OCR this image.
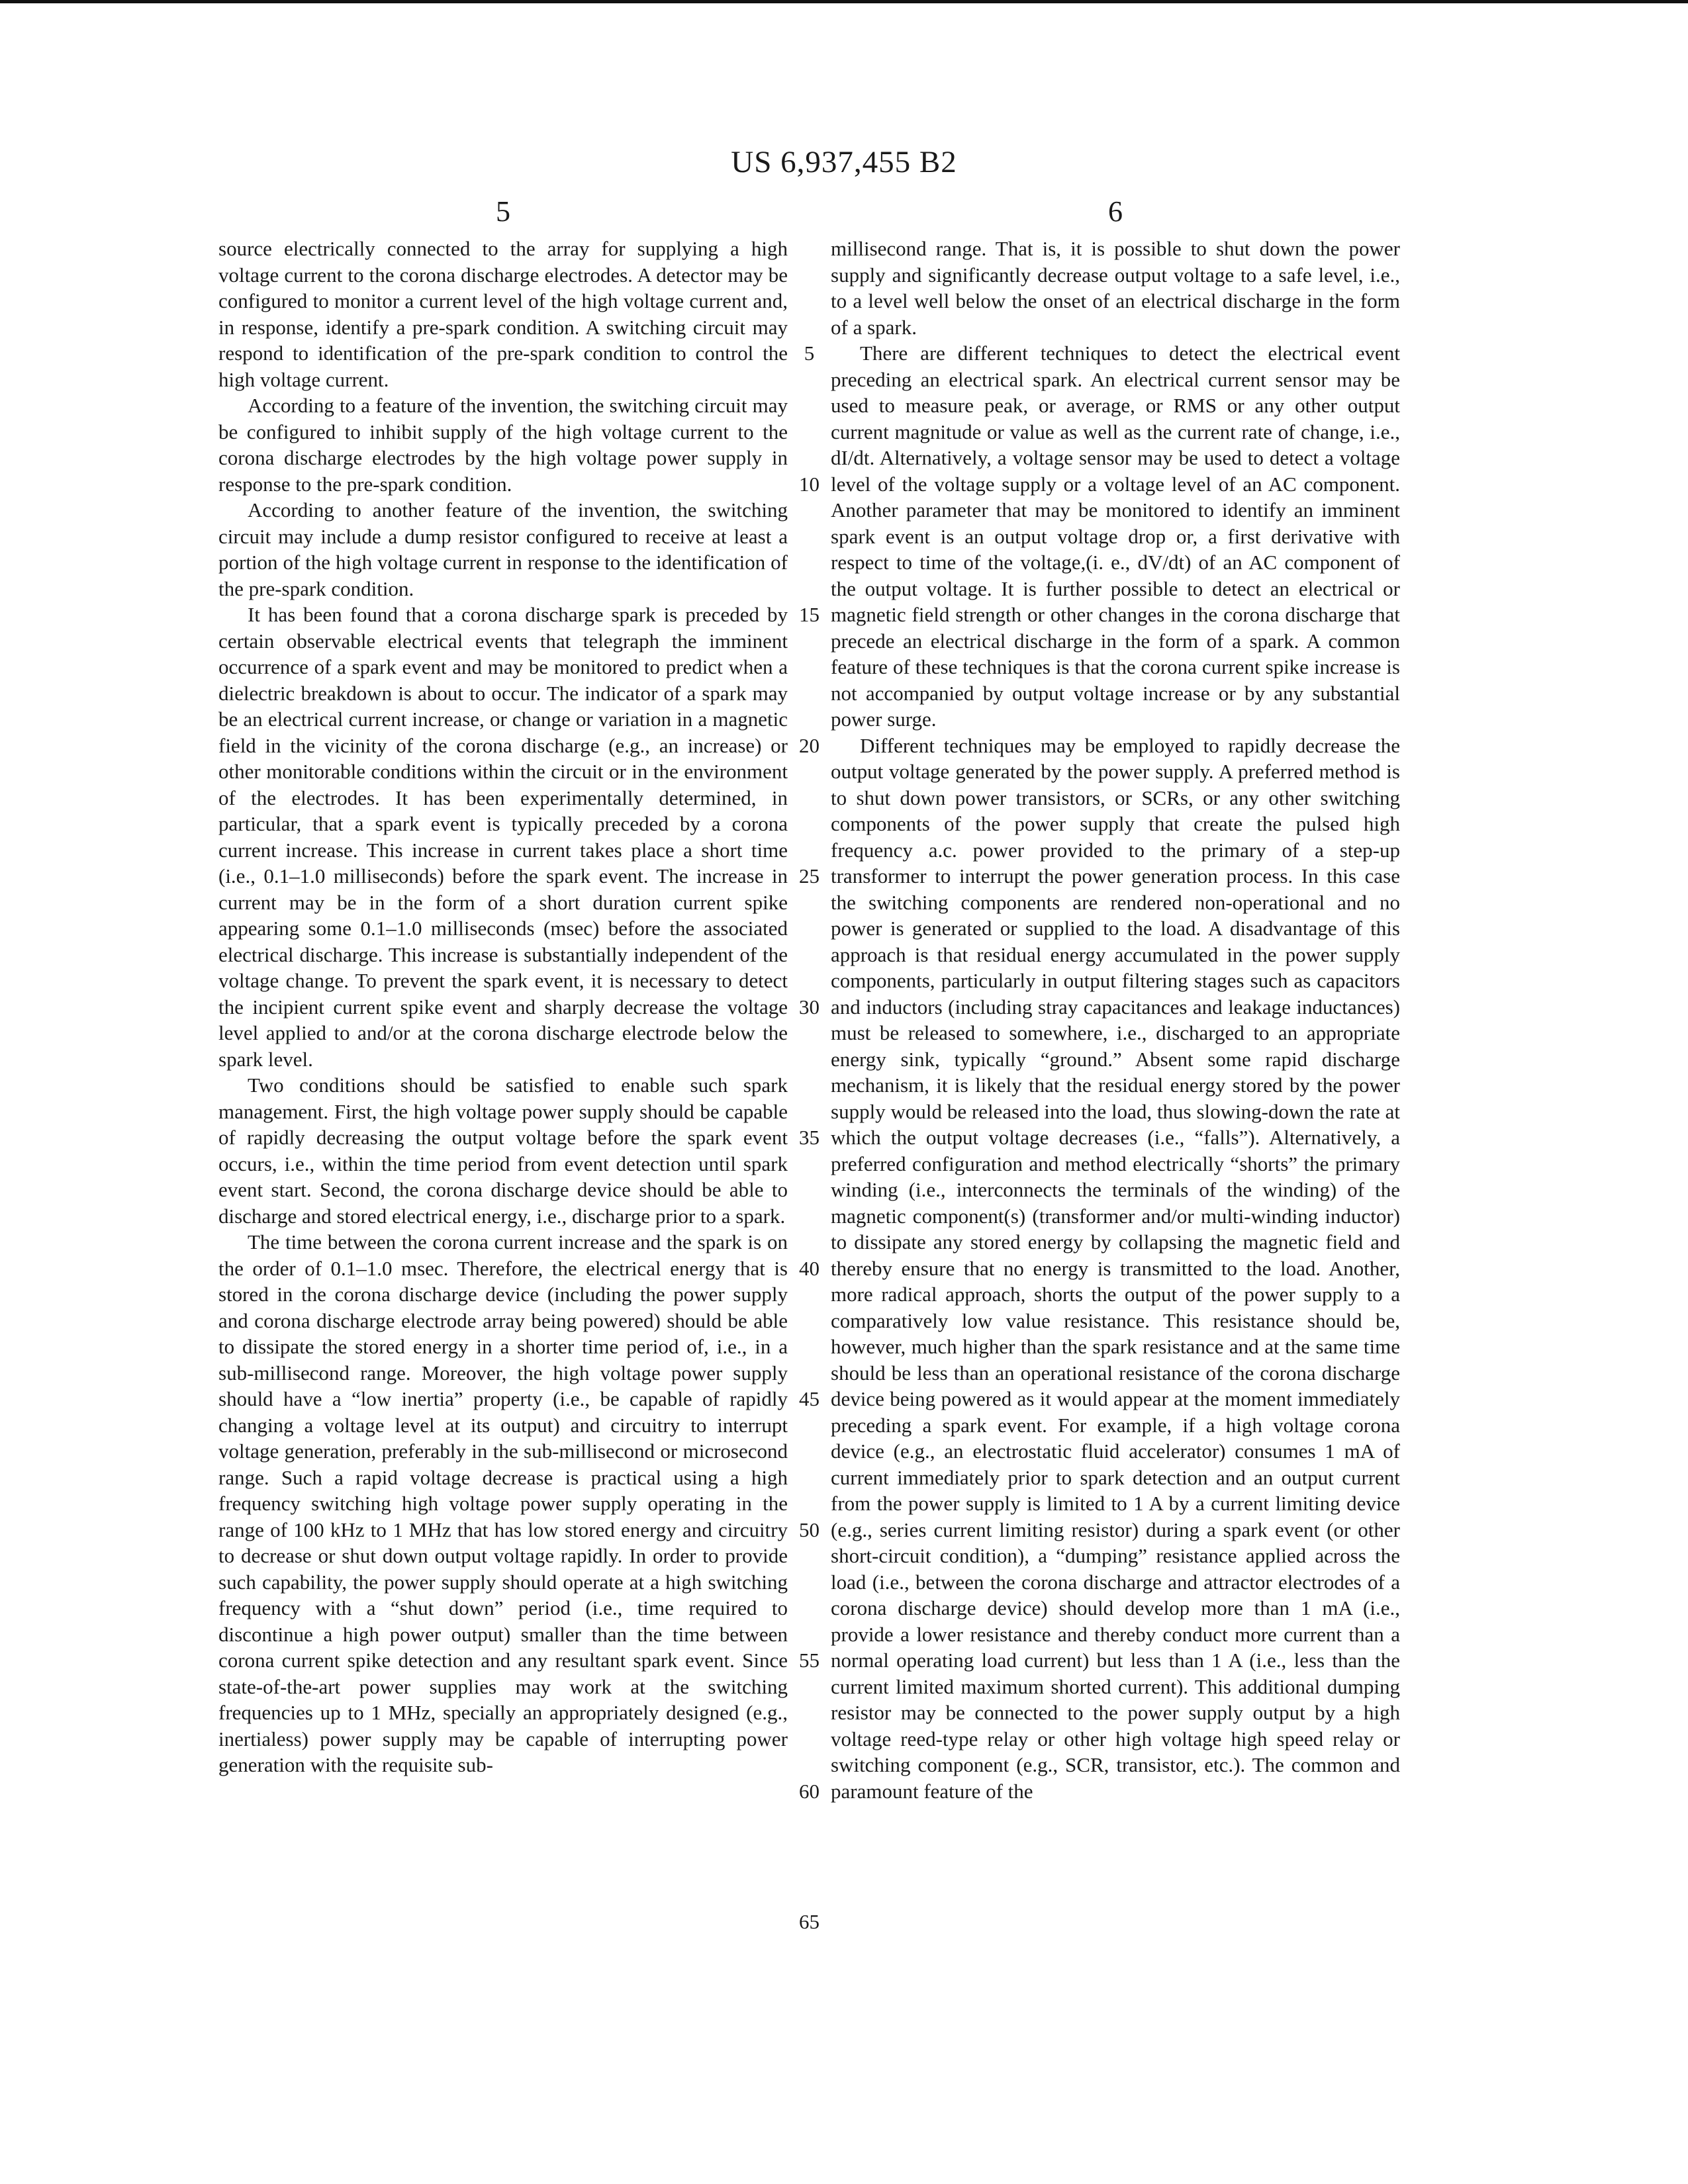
US 6,937,455 B2
5	6

source electrically connected to the array for supplying a high voltage current to the corona discharge electrodes. A detector may be configured to monitor a current level of the high voltage current and, in response, identify a pre-spark condition. A switching circuit may respond to identification of the pre-spark condition to control the high voltage current.

According to a feature of the invention, the switching circuit may be configured to inhibit supply of the high voltage current to the corona discharge electrodes by the high voltage power supply in response to the pre-spark condition.

According to another feature of the invention, the switching circuit may include a dump resistor configured to receive at least a portion of the high voltage current in response to the identification of the pre-spark condition.

It has been found that a corona discharge spark is preceded by certain observable electrical events that telegraph the imminent occurrence of a spark event and may be monitored to predict when a dielectric breakdown is about to occur. The indicator of a spark may be an electrical current increase, or change or variation in a magnetic field in the vicinity of the corona discharge (e.g., an increase) or other monitorable conditions within the circuit or in the environment of the electrodes. It has been experimentally determined, in particular, that a spark event is typically preceded by a corona current increase. This increase in current takes place a short time (i.e., 0.1–1.0 milliseconds) before the spark event. The increase in current may be in the form of a short duration current spike appearing some 0.1–1.0 milliseconds (msec) before the associated electrical discharge. This increase is substantially independent of the voltage change. To prevent the spark event, it is necessary to detect the incipient current spike event and sharply decrease the voltage level applied to and/or at the corona discharge electrode below the spark level.

Two conditions should be satisfied to enable such spark management. First, the high voltage power supply should be capable of rapidly decreasing the output voltage before the spark event occurs, i.e., within the time period from event detection until spark event start. Second, the corona discharge device should be able to discharge and stored electrical energy, i.e., discharge prior to a spark.

The time between the corona current increase and the spark is on the order of 0.1–1.0 msec. Therefore, the electrical energy that is stored in the corona discharge device (including the power supply and corona discharge electrode array being powered) should be able to dissipate the stored energy in a shorter time period of, i.e., in a sub-millisecond range. Moreover, the high voltage power supply should have a “low inertia” property (i.e., be capable of rapidly changing a voltage level at its output) and circuitry to interrupt voltage generation, preferably in the sub-millisecond or microsecond range. Such a rapid voltage decrease is practical using a high frequency switching high voltage power supply operating in the range of 100 kHz to 1 MHz that has low stored energy and circuitry to decrease or shut down output voltage rapidly. In order to provide such capability, the power supply should operate at a high switching frequency with a “shut down” period (i.e., time required to discontinue a high power output) smaller than the time between corona current spike detection and any resultant spark event. Since state-of-the-art power supplies may work at the switching frequencies up to 1 MHz, specially an appropriately designed (e.g., inertialess) power supply may be capable of interrupting power generation with the requisite sub-

5
10
15
20
25
30
35
40
45
50
55
60
65

millisecond range. That is, it is possible to shut down the power supply and significantly decrease output voltage to a safe level, i.e., to a level well below the onset of an electrical discharge in the form of a spark.

There are different techniques to detect the electrical event preceding an electrical spark. An electrical current sensor may be used to measure peak, or average, or RMS or any other output current magnitude or value as well as the current rate of change, i.e., dI/dt. Alternatively, a voltage sensor may be used to detect a voltage level of the voltage supply or a voltage level of an AC component. Another parameter that may be monitored to identify an imminent spark event is an output voltage drop or, a first derivative with respect to time of the voltage,(i. e., dV/dt) of an AC component of the output voltage. It is further possible to detect an electrical or magnetic field strength or other changes in the corona discharge that precede an electrical discharge in the form of a spark. A common feature of these techniques is that the corona current spike increase is not accompanied by output voltage increase or by any substantial power surge.

Different techniques may be employed to rapidly decrease the output voltage generated by the power supply. A preferred method is to shut down power transistors, or SCRs, or any other switching components of the power supply that create the pulsed high frequency a.c. power provided to the primary of a step-up transformer to interrupt the power generation process. In this case the switching components are rendered non-operational and no power is generated or supplied to the load. A disadvantage of this approach is that residual energy accumulated in the power supply components, particularly in output filtering stages such as capacitors and inductors (including stray capacitances and leakage inductances) must be released to somewhere, i.e., discharged to an appropriate energy sink, typically “ground.” Absent some rapid discharge mechanism, it is likely that the residual energy stored by the power supply would be released into the load, thus slowing-down the rate at which the output voltage decreases (i.e., “falls”). Alternatively, a preferred configuration and method electrically “shorts” the primary winding (i.e., interconnects the terminals of the winding) of the magnetic component(s) (transformer and/or multi-winding inductor) to dissipate any stored energy by collapsing the magnetic field and thereby ensure that no energy is transmitted to the load. Another, more radical approach, shorts the output of the power supply to a comparatively low value resistance. This resistance should be, however, much higher than the spark resistance and at the same time should be less than an operational resistance of the corona discharge device being powered as it would appear at the moment immediately preceding a spark event. For example, if a high voltage corona device (e.g., an electrostatic fluid accelerator) consumes 1 mA of current immediately prior to spark detection and an output current from the power supply is limited to 1 A by a current limiting device (e.g., series current limiting resistor) during a spark event (or other short-circuit condition), a “dumping” resistance applied across the load (i.e., between the corona discharge and attractor electrodes of a corona discharge device) should develop more than 1 mA (i.e., provide a lower resistance and thereby conduct more current than a normal operating load current) but less than 1 A (i.e., less than the current limited maximum shorted current). This additional dumping resistor may be connected to the power supply output by a high voltage reed-type relay or other high voltage high speed relay or switching component (e.g., SCR, transistor, etc.). The common and paramount feature of the
